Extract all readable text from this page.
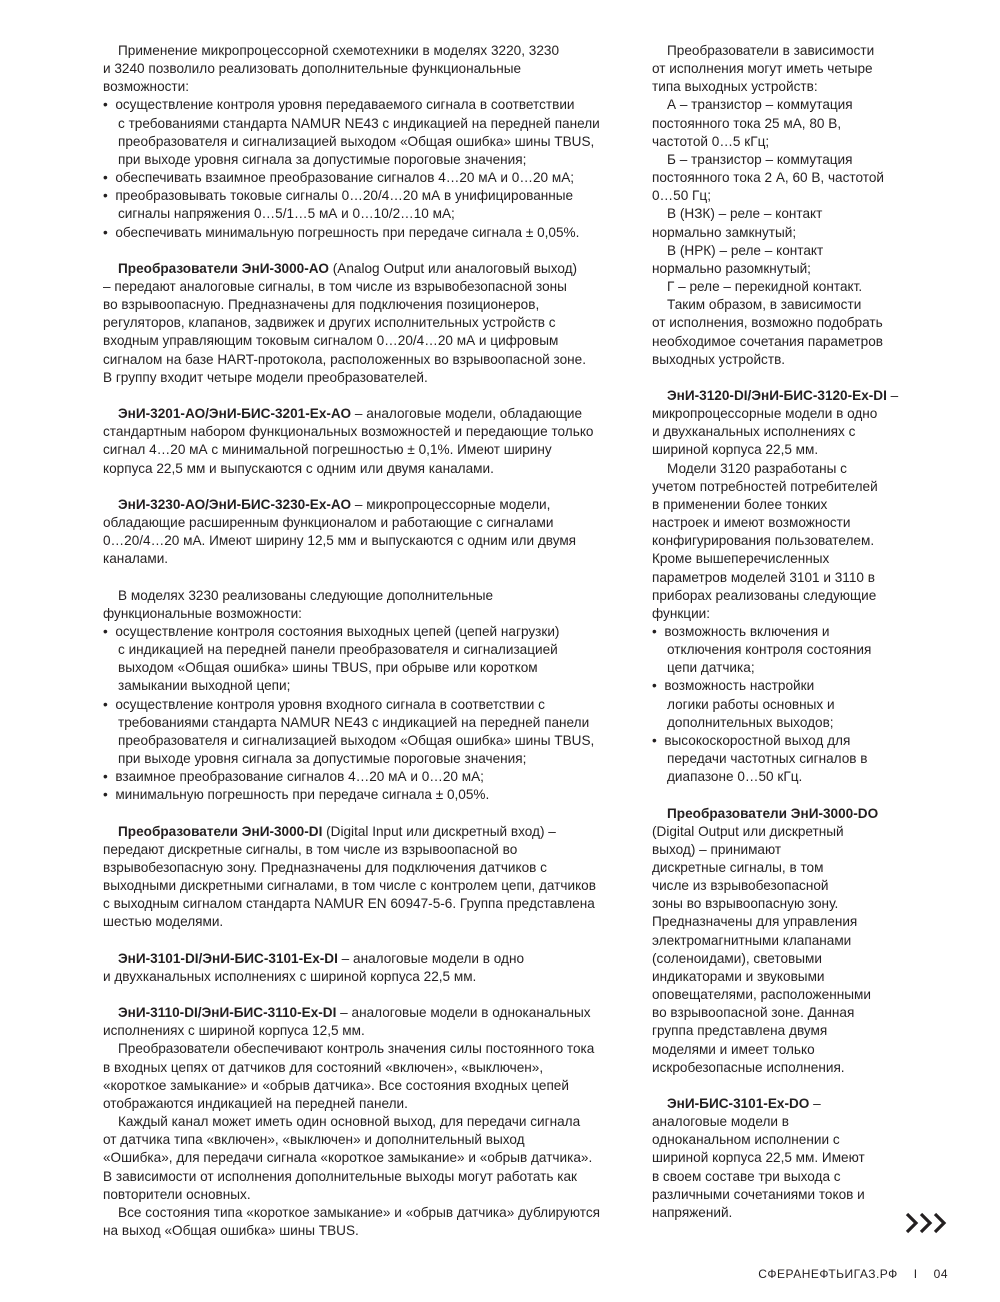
Применение микропроцессорной схемотехники в моделях 3220, 3230
и 3240 позволило реализовать дополнительные функциональные
возможности:
•  осуществление контроля уровня передаваемого сигнала в соответствии
с требованиями стандарта NAMUR NE43 с индикацией на передней панели
преобразователя и сигнализацией выходом «Общая ошибка» шины TBUS,
при выходе уровня сигнала за допустимые пороговые значения;
•  обеспечивать взаимное преобразование сигналов 4…20 мА и 0…20 мА;
•  преобразовывать токовые сигналы 0…20/4…20 мА в унифицированные
сигналы напряжения 0…5/1…5 мА и 0…10/2…10 мА;
•  обеспечивать минимальную погрешность при передаче сигнала ± 0,05%.
Преобразователи ЭнИ-3000-АО (Analog Output или аналоговый выход)
– передают аналоговые сигналы, в том числе из взрывобезопасной зоны
во взрывоопасную. Предназначены для подключения позиционеров,
регуляторов, клапанов, задвижек и других исполнительных устройств с
входным управляющим токовым сигналом 0…20/4…20 мА и цифровым
сигналом на базе HART-протокола, расположенных во взрывоопасной зоне.
В группу входит четыре модели преобразователей.
ЭнИ-3201-АО/ЭнИ-БИС-3201-Ех-АО – аналоговые модели, обладающие
стандартным набором функциональных возможностей и передающие только
сигнал 4…20 мА с минимальной погрешностью ± 0,1%. Имеют ширину
корпуса 22,5 мм и выпускаются с одним или двумя каналами.
ЭнИ-3230-АО/ЭнИ-БИС-3230-Ех-АО – микропроцессорные модели,
обладающие расширенным функционалом и работающие с сигналами
0…20/4…20 мА. Имеют ширину 12,5 мм и выпускаются с одним или двумя
каналами.
В моделях 3230 реализованы следующие дополнительные
функциональные возможности:
•  осуществление контроля состояния выходных цепей (цепей нагрузки)
с индикацией на передней панели преобразователя и сигнализацией
выходом «Общая ошибка» шины TBUS, при обрыве или коротком
замыкании выходной цепи;
•  осуществление контроля уровня входного сигнала в соответствии с
требованиями стандарта NAMUR NE43 с индикацией на передней панели
преобразователя и сигнализацией выходом «Общая ошибка» шины TBUS,
при выходе уровня сигнала за допустимые пороговые значения;
•  взаимное преобразование сигналов 4…20 мА и 0…20 мА;
•  минимальную погрешность при передаче сигнала ± 0,05%.
Преобразователи ЭнИ-3000-DI (Digital Input или дискретный вход) –
передают дискретные сигналы, в том числе из взрывоопасной во
взрывобезопасную зону. Предназначены для подключения датчиков с
выходными дискретными сигналами, в том числе с контролем цепи, датчиков
с выходным сигналом стандарта NAMUR EN 60947-5-6. Группа представлена
шестью моделями.
ЭнИ-3101-DI/ЭнИ-БИС-3101-Ех-DI – аналоговые модели в одно
и двухканальных исполнениях с шириной корпуса 22,5 мм.
ЭнИ-3110-DI/ЭнИ-БИС-3110-Ех-DI – аналоговые модели в одноканальных
исполнениях с шириной корпуса 12,5 мм.
Преобразователи обеспечивают контроль значения силы постоянного тока
в входных цепях от датчиков для состояний «включен», «выключен»,
«короткое замыкание» и «обрыв датчика». Все состояния входных цепей
отображаются индикацией на передней панели.
Каждый канал может иметь один основной выход, для передачи сигнала
от датчика типа «включен», «выключен» и дополнительный выход
«Ошибка», для передачи сигнала «короткое замыкание» и «обрыв датчика».
В зависимости от исполнения дополнительные выходы могут работать как
повторители основных.
Все состояния типа «короткое замыкание» и «обрыв датчика» дублируются
на выход «Общая ошибка» шины TBUS.
Преобразователи в зависимости
от исполнения могут иметь четыре
типа выходных устройств:
А – транзистор – коммутация
постоянного тока 25 мА, 80 В,
частотой 0…5 кГц;
Б – транзистор – коммутация
постоянного тока 2 А, 60 В, частотой
0…50 Гц;
В (НЗК) – реле – контакт
нормально замкнутый;
В (НРК) – реле – контакт
нормально разомкнутый;
Г – реле – перекидной контакт.
Таким образом, в зависимости
от исполнения, возможно подобрать
необходимое сочетания параметров
выходных устройств.
ЭнИ-3120-DI/ЭнИ-БИС-3120-Ех-DI –
микропроцессорные модели в одно
и двухканальных исполнениях с
шириной корпуса 22,5 мм.
Модели 3120 разработаны с
учетом потребностей потребителей
в применении более тонких
настроек и имеют возможности
конфигурирования пользователем.
Кроме вышеперечисленных
параметров моделей 3101 и 3110 в
приборах реализованы следующие
функции:
•  возможность включения и
отключения контроля состояния
цепи датчика;
•  возможность настройки
логики работы основных и
дополнительных выходов;
•  высокоскоростной выход для
передачи частотных сигналов в
диапазоне 0…50 кГц.
Преобразователи ЭнИ-3000-DO
(Digital Output или дискретный
выход) – принимают
дискретные сигналы, в том
числе из взрывобезопасной
зоны во взрывоопасную зону.
Предназначены для управления
электромагнитными клапанами
(соленоидами), световыми
индикаторами и звуковыми
оповещателями, расположенными
во взрывоопасной зоне. Данная
группа представлена двумя
моделями и имеет только
искробезопасные исполнения.
ЭнИ-БИС-3101-Ех-DO –
аналоговые модели в
одноканальном исполнении с
шириной корпуса 22,5 мм. Имеют
в своем составе три выхода с
различными сочетаниями токов и
напряжений.
СФЕРАНЕФТЬИГАЗ.РФ I 04
